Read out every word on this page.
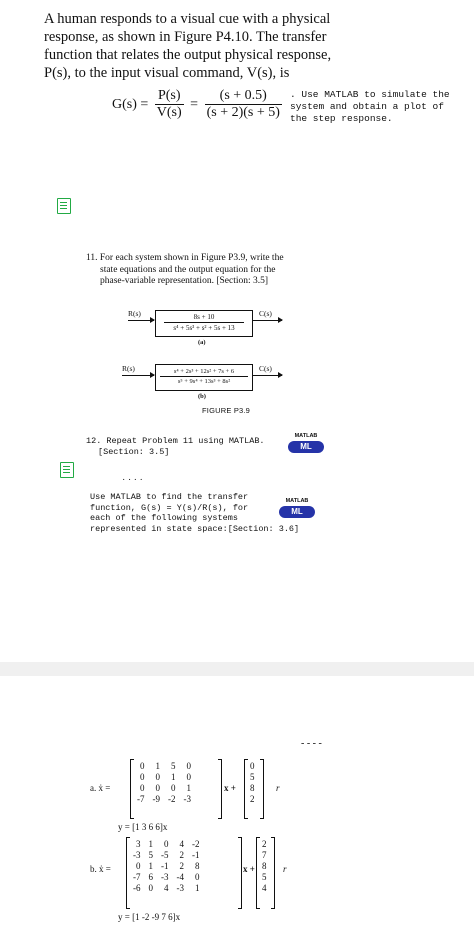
A human responds to a visual cue with a physical
response, as shown in Figure P4.10. The transfer
function that relates the output physical response,
P(s), to the input visual command, V(s), is
$G(s) = \frac{P(s)}{V(s)} = \frac{(s + 0.5)}{(s + 2)(s + 5)}$ . Use MATLAB to simulate the
system and obtain a plot of
the step response.
11. For each system shown in Figure P3.9, write the
state equations and the output equation for the
phase-variable representation. [Section: 3.5]
$R(s) \frac{8s + 10}{\text{s⁴ + 5s³ + s² + 5s + 13}} C(s)$
(a)
R(s)	$\frac{\text{s⁴ + 2s³ + 12s² + 7s + 6}}{\text{s⁵ + 9s⁴ + 13s³ + 8s²}} C(s)$
(b)
FIGURE P3.9
12. Repeat Problem 11 using MATLAB.
[Section: 3.5]
MATLAB
ML
˙ ˙ ˙ ˙
Use MATLAB to find the transfer
function, G(s) = Y(s)/R(s), for
each of the following systems
represented in state space:[Section: 3.6]
MATLAB
ML
- - - -
a. ẋ =
0	1	5	0
0	0	1	0
0	0	0	1
-7	-9	-2	-3
x +
0
5
8
2
r
y = [1 3 6 6]x
b. ẋ =
3	1	0	4	-2
-3	5	-5	2	-1
0	1	-1	2	8
-7	6	-3	-4	0
-6	0	4	-3	1
x +
2
7
8
5
4
r
y = [1 -2 -9 7 6]x
